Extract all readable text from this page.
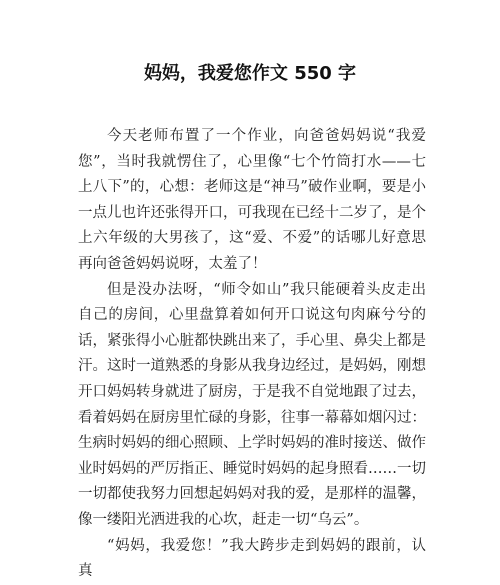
妈妈，我爱您作文 550 字

今天老师布置了一个作业，向爸爸妈妈说“我爱您”，当时我就愣住了，心里像“七个竹筒打水——七上八下”的，心想：老师这是“神马”破作业啊，要是小一点儿也许还张得开口，可我现在已经十二岁了，是个上六年级的大男孩了，这“爱、不爱”的话哪儿好意思再向爸爸妈妈说呀，太羞了！

但是没办法呀，“师令如山”我只能硬着头皮走出自己的房间，心里盘算着如何开口说这句肉麻兮兮的话，紧张得小心脏都快跳出来了，手心里、鼻尖上都是汗。这时一道熟悉的身影从我身边经过，是妈妈，刚想开口妈妈转身就进了厨房，于是我不自觉地跟了过去，看着妈妈在厨房里忙碌的身影，往事一幕幕如烟闪过：生病时妈妈的细心照顾、上学时妈妈的准时接送、做作业时妈妈的严厉指正、睡觉时妈妈的起身照看……一切一切都使我努力回想起妈妈对我的爱，是那样的温馨，像一缕阳光洒进我的心坎，赶走一切“乌云”。

“妈妈，我爱您！”我大跨步走到妈妈的跟前，认真
